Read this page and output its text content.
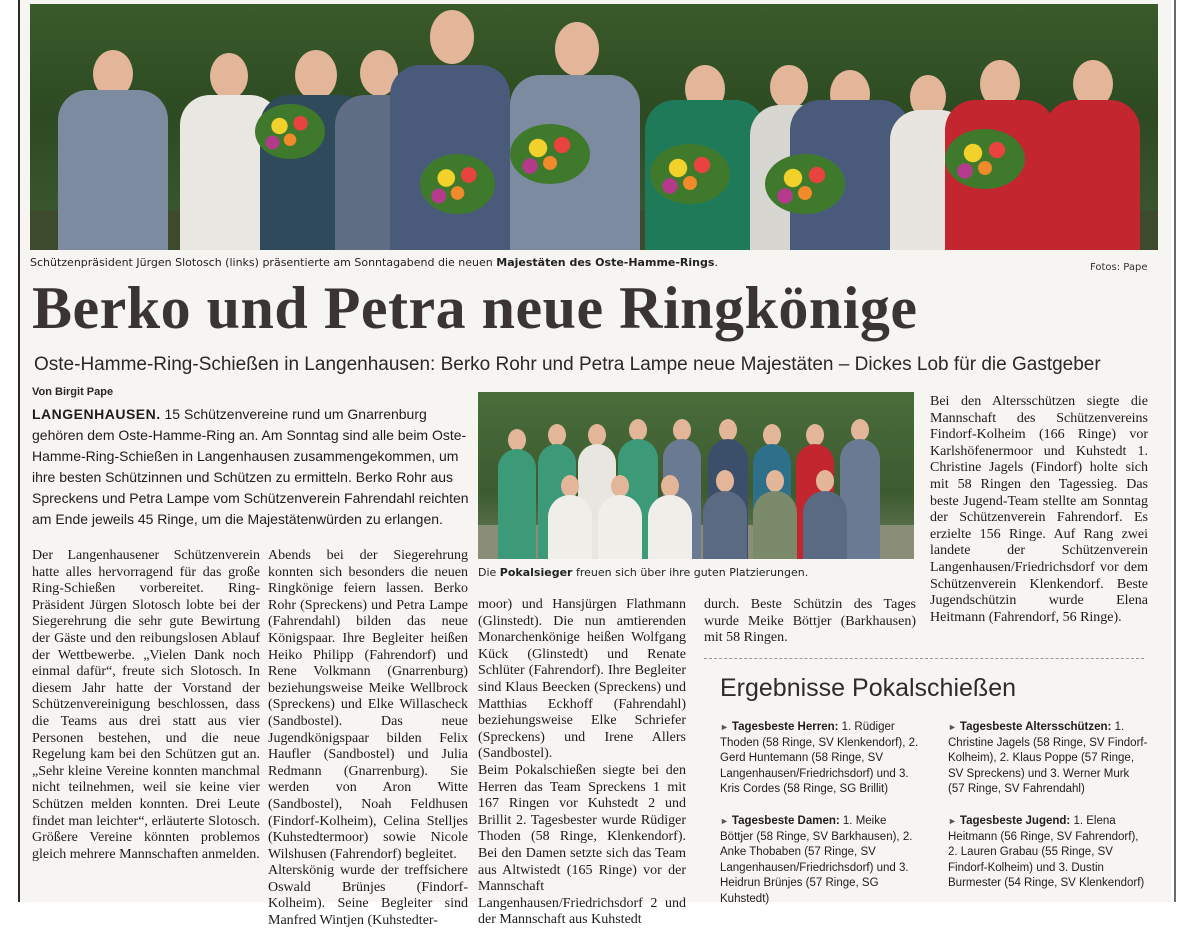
Schützenpräsident Jürgen Slotosch (links) präsentierte am Sonntagabend die neuen Majestäten des Oste-Hamme-Rings.	Fotos: Pape
Berko und Petra neue Ringkönige
Oste-Hamme-Ring-Schießen in Langenhausen: Berko Rohr und Petra Lampe neue Majestäten – Dickes Lob für die Gastgeber
Von Birgit Pape
LANGENHAUSEN. 15 Schützenvereine rund um Gnarrenburg gehören dem Oste-Hamme-Ring an. Am Sonntag sind alle beim Oste-Hamme-Ring-Schießen in Langenhausen zusammengekommen, um ihre besten Schützinnen und Schützen zu ermitteln. Berko Rohr aus Spreckens und Petra Lampe vom Schützenverein Fahrendahl reichten am Ende jeweils 45 Ringe, um die Majestätenwürden zu erlangen.
Der Langenhausener Schützenverein hatte alles hervorragend für das große Ring-Schießen vorbereitet. Ring-Präsident Jürgen Slotosch lobte bei der Siegerehrung die sehr gute Bewirtung der Gäste und den reibungslosen Ablauf der Wettbewerbe. „Vielen Dank noch einmal dafür“, freute sich Slotosch. In diesem Jahr hatte der Vorstand der Schützenvereinigung beschlossen, dass die Teams aus drei statt aus vier Personen bestehen, und die neue Regelung kam bei den Schützen gut an. „Sehr kleine Vereine konnten manchmal nicht teilnehmen, weil sie keine vier Schützen melden konnten. Drei Leute findet man leichter“, erläuterte Slotosch. Größere Vereine könnten problemos gleich mehrere Mannschaften anmelden.
Abends bei der Siegerehrung konnten sich besonders die neuen Ringkönige feiern lassen. Berko Rohr (Spreckens) und Petra Lampe (Fahrendahl) bilden das neue Königspaar. Ihre Begleiter heißen Heiko Philipp (Fahrendorf) und Rene Volkmann (Gnarrenburg) beziehungsweise Meike Wellbrock (Spreckens) und Elke Willascheck (Sandbostel). Das neue Jugendkönigspaar bilden Felix Haufler (Sandbostel) und Julia Redmann (Gnarrenburg). Sie werden von Aron Witte (Sandbostel), Noah Feldhusen (Findorf-Kolheim), Celina Stelljes (Kuhstedtermoor) sowie Nicole Wilshusen (Fahrendorf) begleitet.
Alterskönig wurde der treffsichere Oswald Brünjes (Findorf-Kolheim). Seine Begleiter sind Manfred Wintjen (Kuhstedter-
moor) und Hansjürgen Flathmann (Glinstedt). Die nun amtierenden Monarchenkönige heißen Wolfgang Kück (Glinstedt) und Renate Schlüter (Fahrendorf). Ihre Begleiter sind Klaus Beecken (Spreckens) und Matthias Eckhoff (Fahrendahl) beziehungsweise Elke Schriefer (Spreckens) und Irene Allers (Sandbostel).
Beim Pokalschießen siegte bei den Herren das Team Spreckens 1 mit 167 Ringen vor Kuhstedt 2 und Brillit 2. Tagesbester wurde Rüdiger Thoden (58 Ringe, Klenkendorf). Bei den Damen setzte sich das Team aus Altwistedt (165 Ringe) vor der Mannschaft Langenhausen/Friedrichsdorf 2 und der Mannschaft aus Kuhstedt
durch. Beste Schützin des Tages wurde Meike Böttjer (Barkhausen) mit 58 Ringen.
Bei den Altersschützen siegte die Mannschaft des Schützenvereins Findorf-Kolheim (166 Ringe) vor Karlshöfenermoor und Kuhstedt 1. Christine Jagels (Findorf) holte sich mit 58 Ringen den Tagessieg. Das beste Jugend-Team stellte am Sonntag der Schützenverein Fahrendorf. Es erzielte 156 Ringe. Auf Rang zwei landete der Schützenverein Langenhausen/Friedrichsdorf vor dem Schützenverein Klenkendorf. Beste Jugendschützin wurde Elena Heitmann (Fahrendorf, 56 Ringe).
Die Pokalsieger freuen sich über ihre guten Platzierungen.
Ergebnisse Pokalschießen
► Tagesbeste Herren: 1. Rüdiger Thoden (58 Ringe, SV Klenkendorf), 2. Gerd Huntemann (58 Ringe, SV Langenhausen/Friedrichsdorf) und 3. Kris Cordes (58 Ringe, SG Brillit)
► Tagesbeste Damen: 1. Meike Böttjer (58 Ringe, SV Barkhausen), 2. Anke Thobaben (57 Ringe, SV Langenhausen/Friedrichsdorf) und 3. Heidrun Brünjes (57 Ringe, SG Kuhstedt)
► Tagesbeste Altersschützen: 1. Christine Jagels (58 Ringe, SV Findorf-Kolheim), 2. Klaus Poppe (57 Ringe, SV Spreckens) und 3. Werner Murk (57 Ringe, SV Fahrendahl)
► Tagesbeste Jugend: 1. Elena Heitmann (56 Ringe, SV Fahrendorf), 2. Lauren Grabau (55 Ringe, SV Findorf-Kolheim) und 3. Dustin Burmester (54 Ringe, SV Klenkendorf)
